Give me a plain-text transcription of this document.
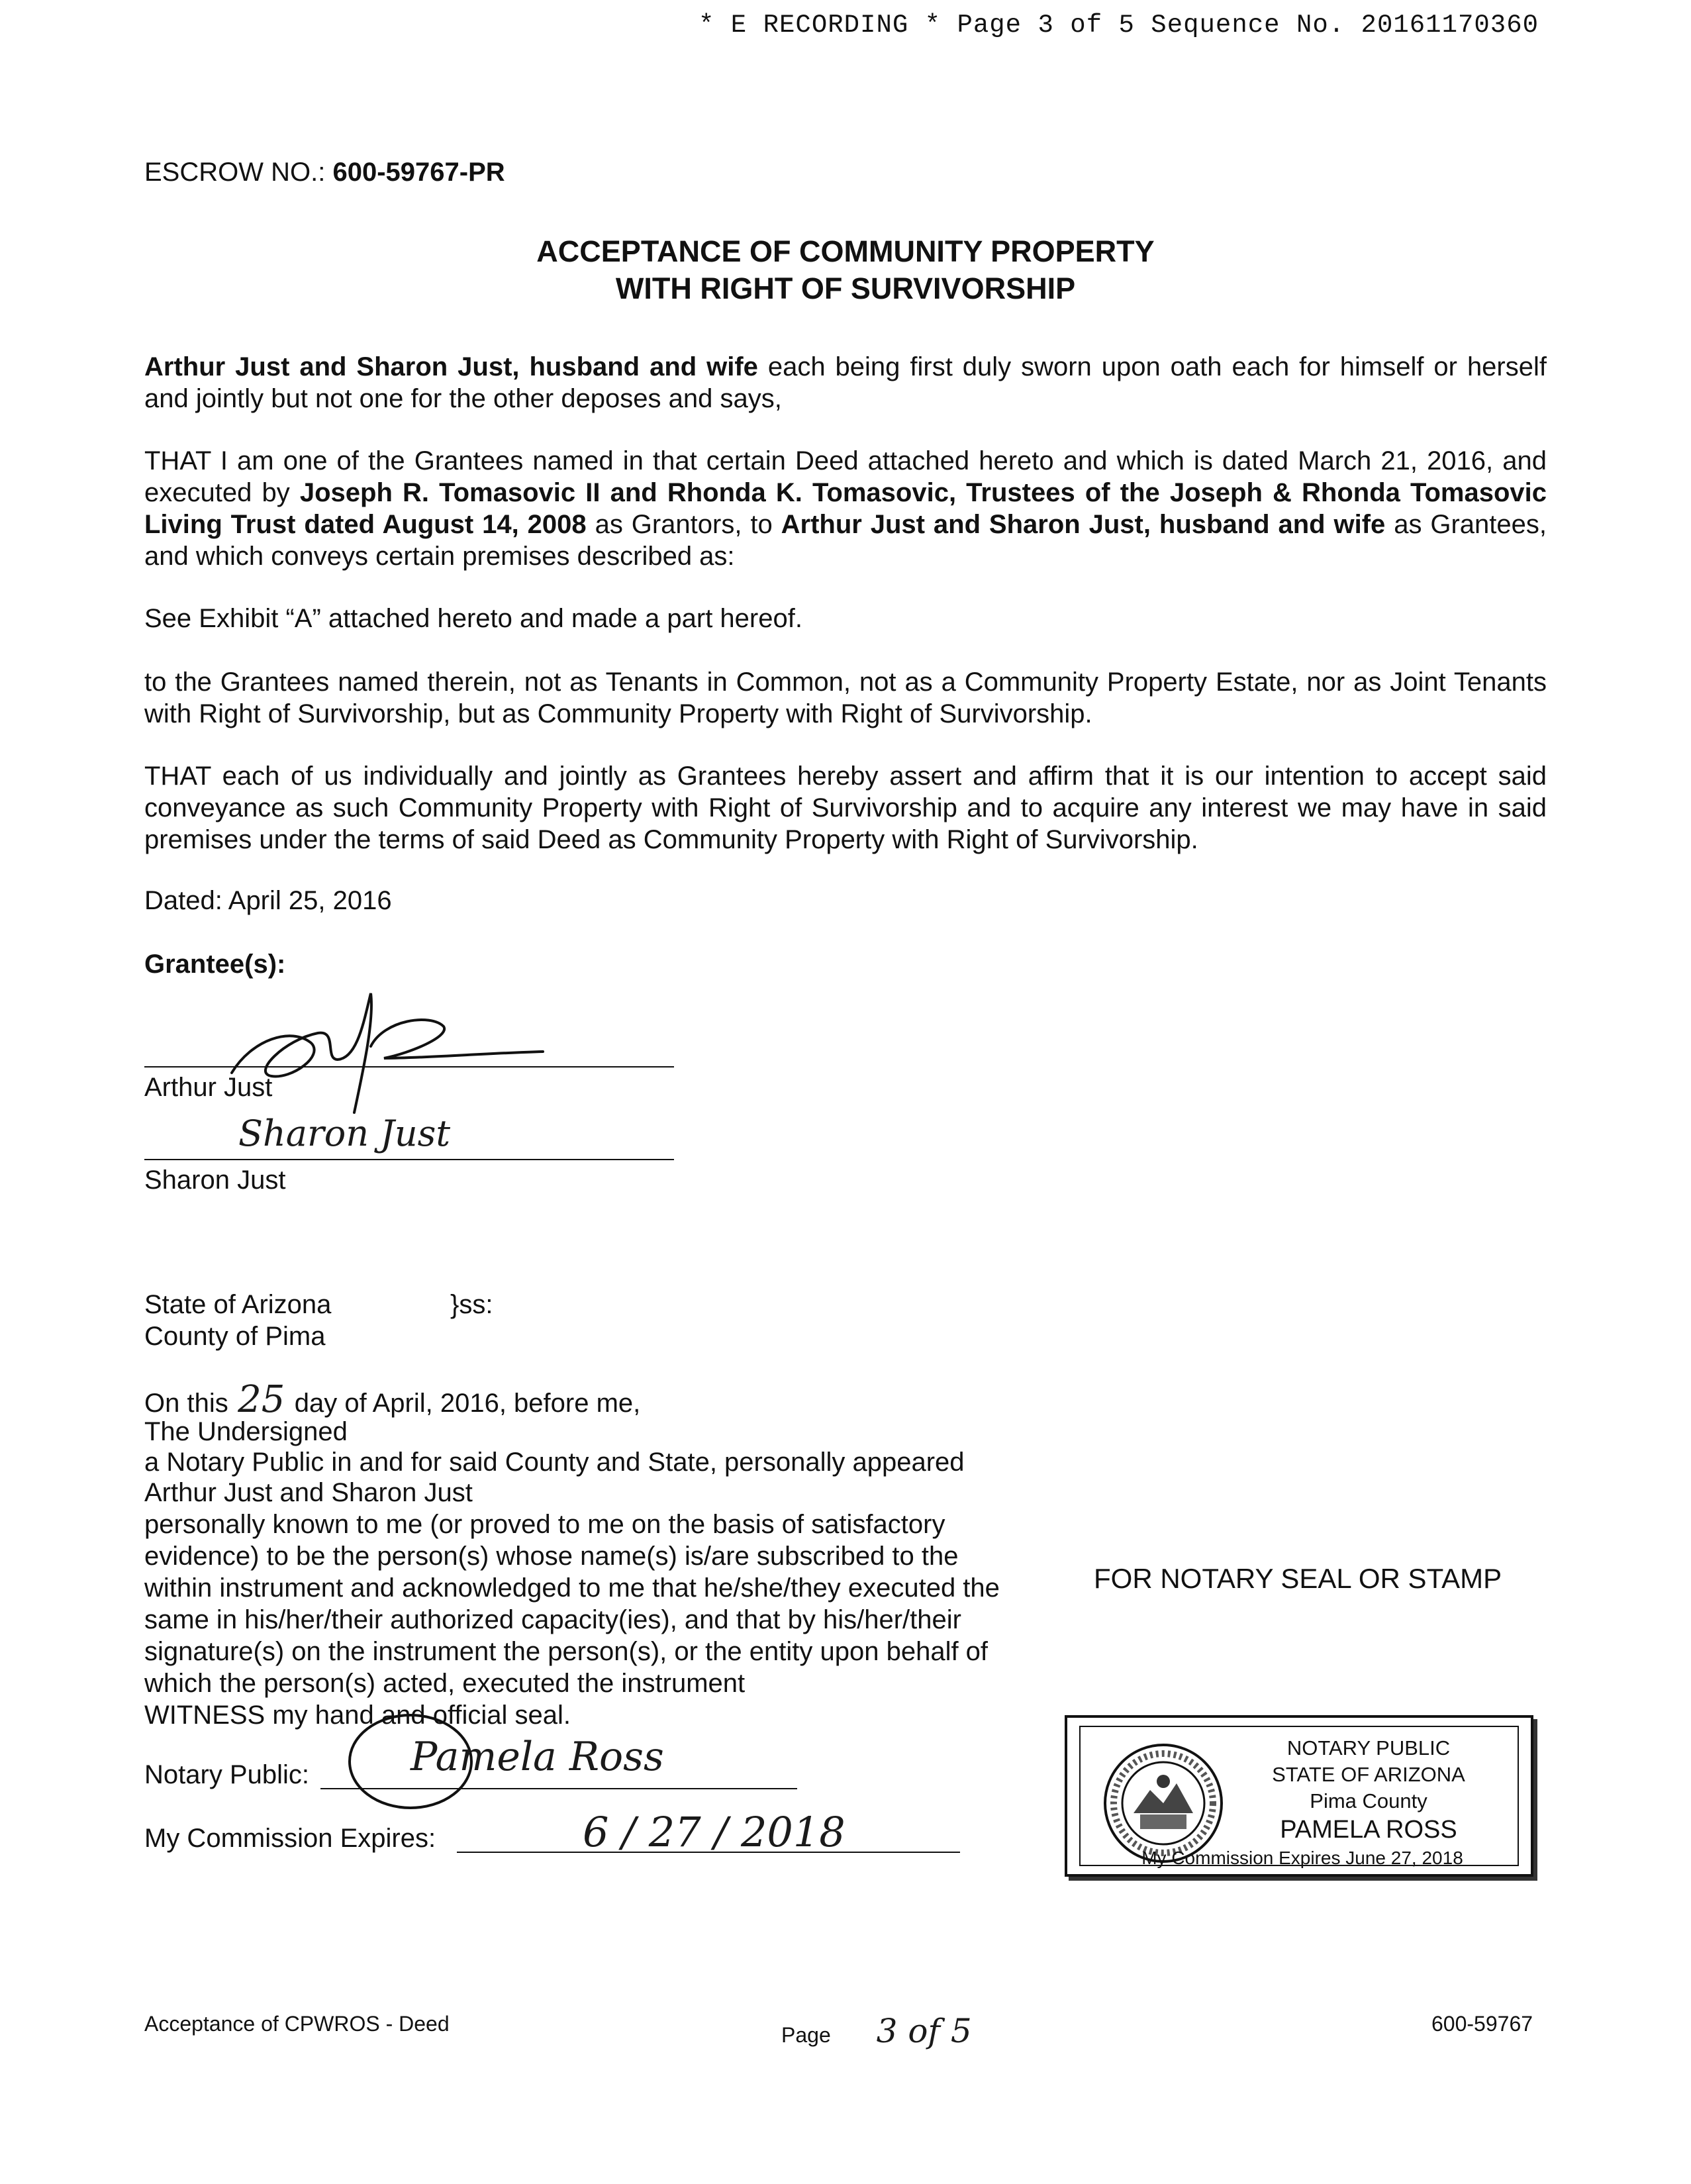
* E RECORDING * Page 3 of 5 Sequence No. 20161170360
ESCROW NO.: 600-59767-PR
ACCEPTANCE OF COMMUNITY PROPERTY
WITH RIGHT OF SURVIVORSHIP
Arthur Just and Sharon Just, husband and wife each being first duly sworn upon oath each for himself or herself and jointly but not one for the other deposes and says,
THAT I am one of the Grantees named in that certain Deed attached hereto and which is dated March 21, 2016, and executed by Joseph R. Tomasovic II and Rhonda K. Tomasovic, Trustees of the Joseph & Rhonda Tomasovic Living Trust dated August 14, 2008 as Grantors, to Arthur Just and Sharon Just, husband and wife as Grantees, and which conveys certain premises described as:
See Exhibit “A” attached hereto and made a part hereof.
to the Grantees named therein, not as Tenants in Common, not as a Community Property Estate, nor as Joint Tenants with Right of Survivorship, but as Community Property with Right of Survivorship.
THAT each of us individually and jointly as Grantees hereby assert and affirm that it is our intention to accept said conveyance as such Community Property with Right of Survivorship and to acquire any interest we may have in said premises under the terms of said Deed as Community Property with Right of Survivorship.
Dated: April 25, 2016
Grantee(s):
Arthur Just
Sharon Just
Sharon Just
State of Arizona	}ss:
County of Pima
On this 25 day of April, 2016, before me,
The Undersigned
a Notary Public in and for said County and State, personally appeared
Arthur Just and Sharon Just
personally known to me (or proved to me on the basis of satisfactory
evidence) to be the person(s) whose name(s) is/are subscribed to the
within instrument and acknowledged to me that he/she/they executed the
same in his/her/their authorized capacity(ies), and that by his/her/their
signature(s) on the instrument the person(s), or the entity upon behalf of
which the person(s) acted, executed the instrument
WITNESS my hand and official seal.
Notary Public:	Pamela Ross
My Commission Expires:	6 / 27 / 2018
FOR NOTARY SEAL OR STAMP
NOTARY PUBLIC
STATE OF ARIZONA
Pima County
PAMELA ROSS
My Commission Expires June 27, 2018
Acceptance of CPWROS - Deed	Page 3 of 5	600-59767
